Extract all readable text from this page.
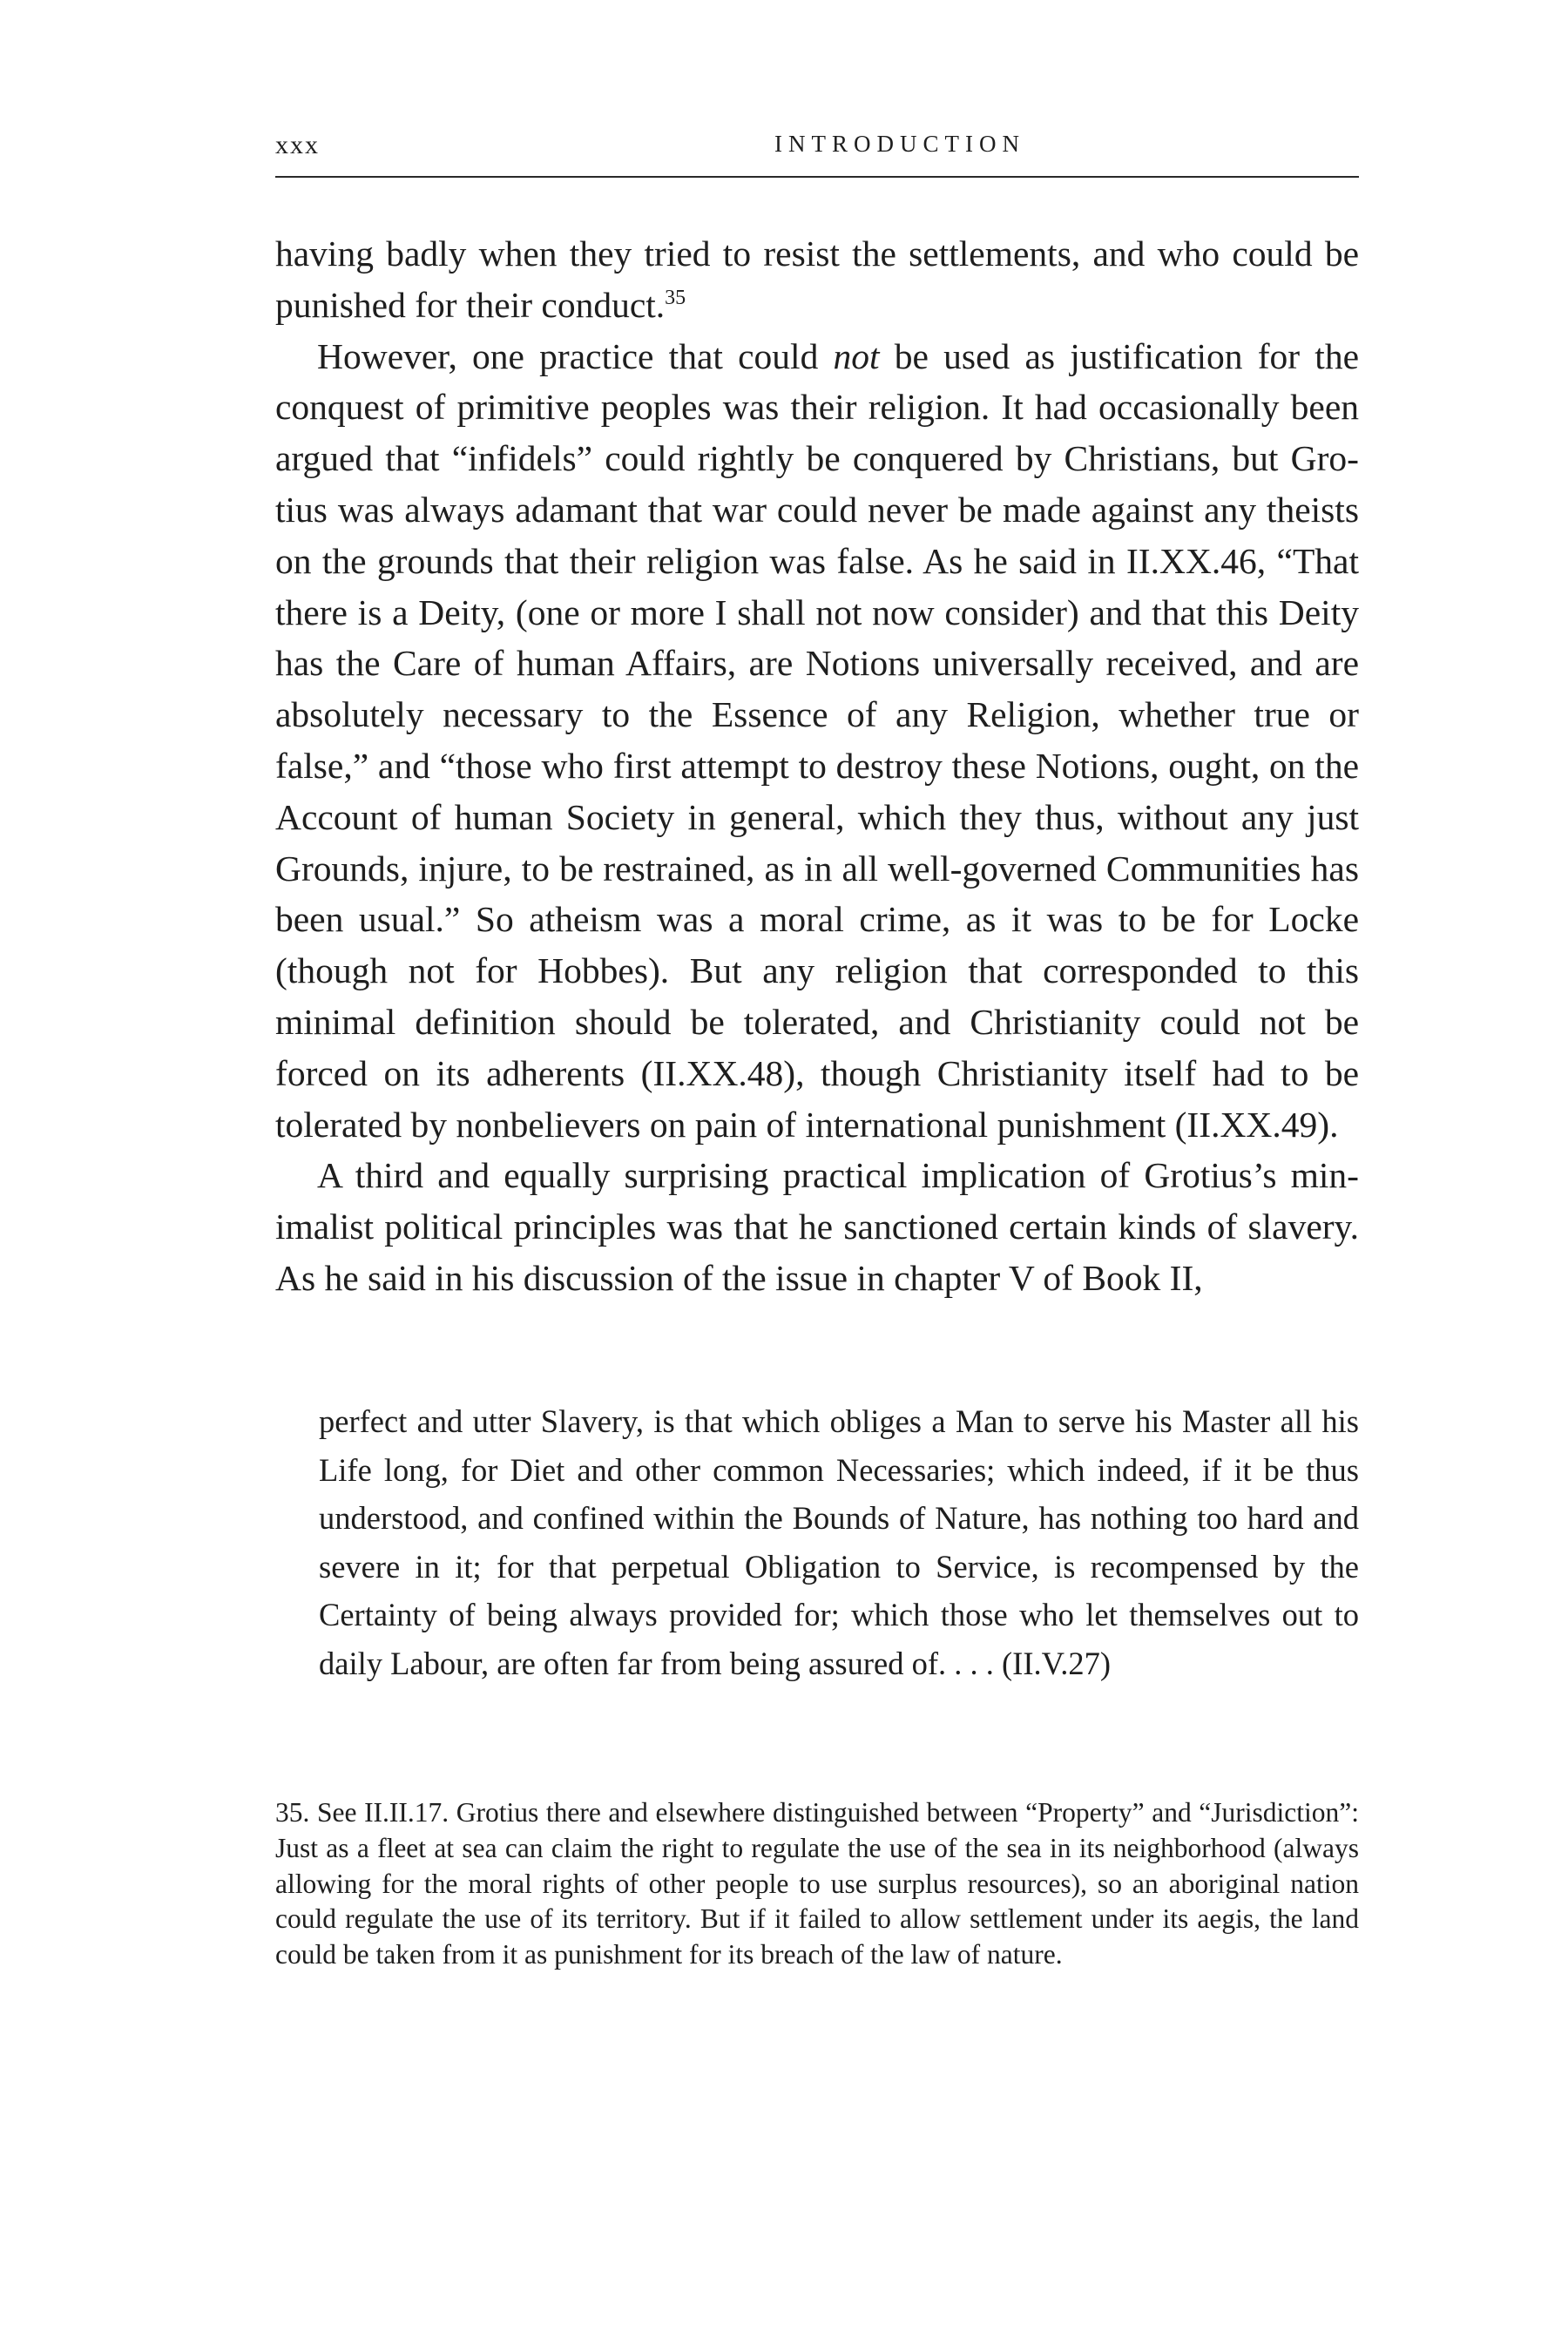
xxx	INTRODUCTION

having badly when they tried to resist the settlements, and who could be punished for their conduct.$^{35}$

However, one practice that could not be used as justification for the conquest of primitive peoples was their religion. It had occasionally been argued that “infidels” could rightly be conquered by Christians, but Grotius was always adamant that war could never be made against any theists on the grounds that their religion was false. As he said in II.XX.46, “That there is a Deity, (one or more I shall not now consider) and that this Deity has the Care of human Affairs, are Notions universally received, and are absolutely necessary to the Essence of any Religion, whether true or false,” and “those who first attempt to destroy these Notions, ought, on the Account of human Society in general, which they thus, without any just Grounds, injure, to be restrained, as in all well-governed Communities has been usual.” So atheism was a moral crime, as it was to be for Locke (though not for Hobbes). But any religion that corresponded to this minimal definition should be tolerated, and Christianity could not be forced on its adherents (II.XX.48), though Christianity itself had to be tolerated by nonbelievers on pain of international punishment (II.XX.49).

A third and equally surprising practical implication of Grotius’s minimalist political principles was that he sanctioned certain kinds of slavery. As he said in his discussion of the issue in chapter V of Book II,

perfect and utter Slavery, is that which obliges a Man to serve his Master all his Life long, for Diet and other common Necessaries; which indeed, if it be thus understood, and confined within the Bounds of Nature, has nothing too hard and severe in it; for that perpetual Obligation to Service, is recompensed by the Certainty of being always provided for; which those who let themselves out to daily Labour, are often far from being assured of. . . . (II.V.27)

35. See II.II.17. Grotius there and elsewhere distinguished between “Property” and “Jurisdiction”: Just as a fleet at sea can claim the right to regulate the use of the sea in its neighborhood (always allowing for the moral rights of other people to use surplus resources), so an aboriginal nation could regulate the use of its territory. But if it failed to allow settlement under its aegis, the land could be taken from it as punishment for its breach of the law of nature.
